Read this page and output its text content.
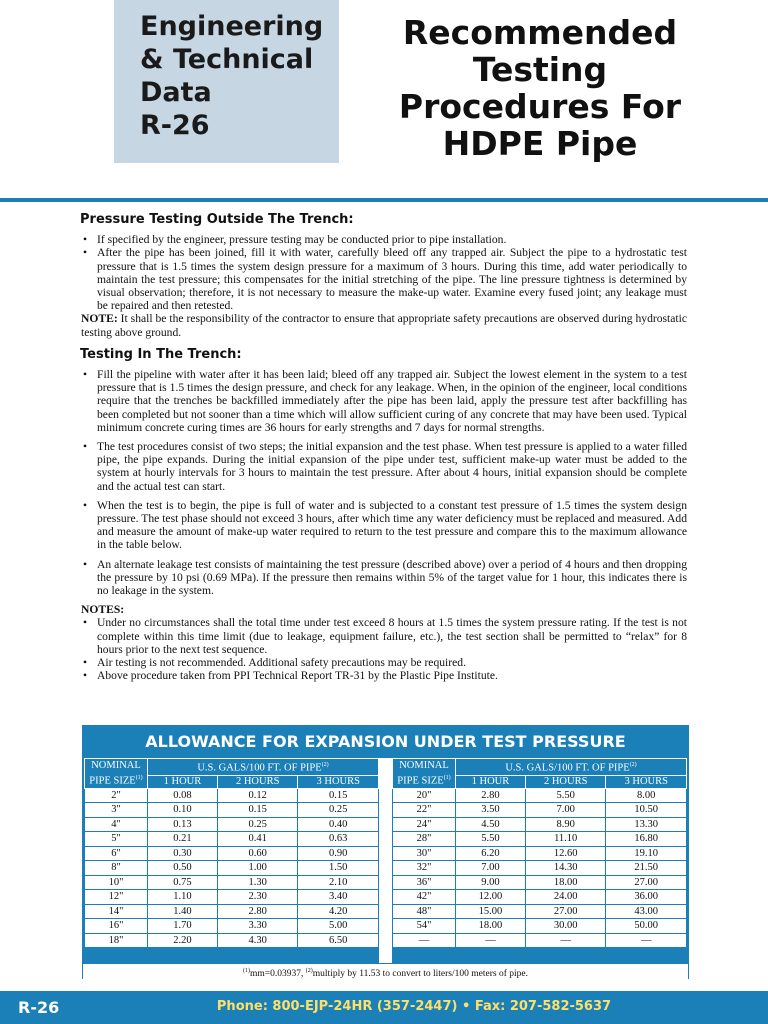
Engineering
& Technical
Data
R-26
Recommended
Testing
Procedures For
HDPE Pipe
Pressure Testing Outside The Trench:
• If specified by the engineer, pressure testing may be conducted prior to pipe installation.
• After the pipe has been joined, fill it with water, carefully bleed off any trapped air. Subject the pipe to a hydrostatic test pressure that is 1.5 times the system design pressure for a maximum of 3 hours. During this time, add water periodically to maintain the test pressure; this compensates for the initial stretching of the pipe. The line pressure tightness is determined by visual observation; therefore, it is not necessary to measure the make-up water. Examine every fused joint; any leakage must be repaired and then retested.

NOTE: It shall be the responsibility of the contractor to ensure that appropriate safety precautions are observed during hydrostatic testing above ground.

Testing In The Trench:
• Fill the pipeline with water after it has been laid; bleed off any trapped air. Subject the lowest element in the system to a test pressure that is 1.5 times the design pressure, and check for any leakage. When, in the opinion of the engineer, local conditions require that the trenches be backfilled immediately after the pipe has been laid, apply the pressure test after backfilling has been completed but not sooner than a time which will allow sufficient curing of any concrete that may have been used. Typical minimum concrete curing times are 36 hours for early strengths and 7 days for normal strengths.
• The test procedures consist of two steps; the initial expansion and the test phase. When test pressure is applied to a water filled pipe, the pipe expands. During the initial expansion of the pipe under test, sufficient make-up water must be added to the system at hourly intervals for 3 hours to maintain the test pressure. After about 4 hours, initial expansion should be complete and the actual test can start.
• When the test is to begin, the pipe is full of water and is subjected to a constant test pressure of 1.5 times the system design pressure. The test phase should not exceed 3 hours, after which time any water deficiency must be replaced and measured. Add and measure the amount of make-up water required to return to the test pressure and compare this to the maximum allowance in the table below.
• An alternate leakage test consists of maintaining the test pressure (described above) over a period of 4 hours and then dropping the pressure by 10 psi (0.69 MPa). If the pressure then remains within 5% of the target value for 1 hour, this indicates there is no leakage in the system.

NOTES:

• Under no circumstances shall the total time under test exceed 8 hours at 1.5 times the system pressure rating. If the test is not complete within this time limit (due to leakage, equipment failure, etc.), the test section shall be permitted to “relax” for 8 hours prior to the next test sequence.
• Air testing is not recommended. Additional safety precautions may be required.
• Above procedure taken from PPI Technical Report TR-31 by the Plastic Pipe Institute.
ALLOWANCE FOR EXPANSION UNDER TEST PRESSURE
NOMINAL PIPE SIZE$^{(1)}$	U.S. GALS/100 FT. OF PIPE$^{(2)}$
	1 HOUR	2 HOURS	3 HOURS
2"	0.08	0.12	0.15
3"	0.10	0.15	0.25
4"	0.13	0.25	0.40
5"	0.21	0.41	0.63
6"	0.30	0.60	0.90
8"	0.50	1.00	1.50
10"	0.75	1.30	2.10
12"	1.10	2.30	3.40
14"	1.40	2.80	4.20
16"	1.70	3.30	5.00
18"	2.20	4.30	6.50
NOMINAL PIPE SIZE$^{(1)}$	U.S. GALS/100 FT. OF PIPE$^{(2)}$
	1 HOUR	2 HOURS	3 HOURS
20"	2.80	5.50	8.00
22"	3.50	7.00	10.50
24"	4.50	8.90	13.30
28"	5.50	11.10	16.80
30"	6.20	12.60	19.10
32"	7.00	14.30	21.50
36"	9.00	18.00	27.00
42"	12.00	24.00	36.00
48"	15.00	27.00	43.00
54"	18.00	30.00	50.00
—	—	—	—
$^{(1)}$mm=0.03937, $^{(2)}$multiply by 11.53 to convert to liters/100 meters of pipe.
R-26	Phone: 800-EJP-24HR (357-2447) • Fax: 207-582-5637
